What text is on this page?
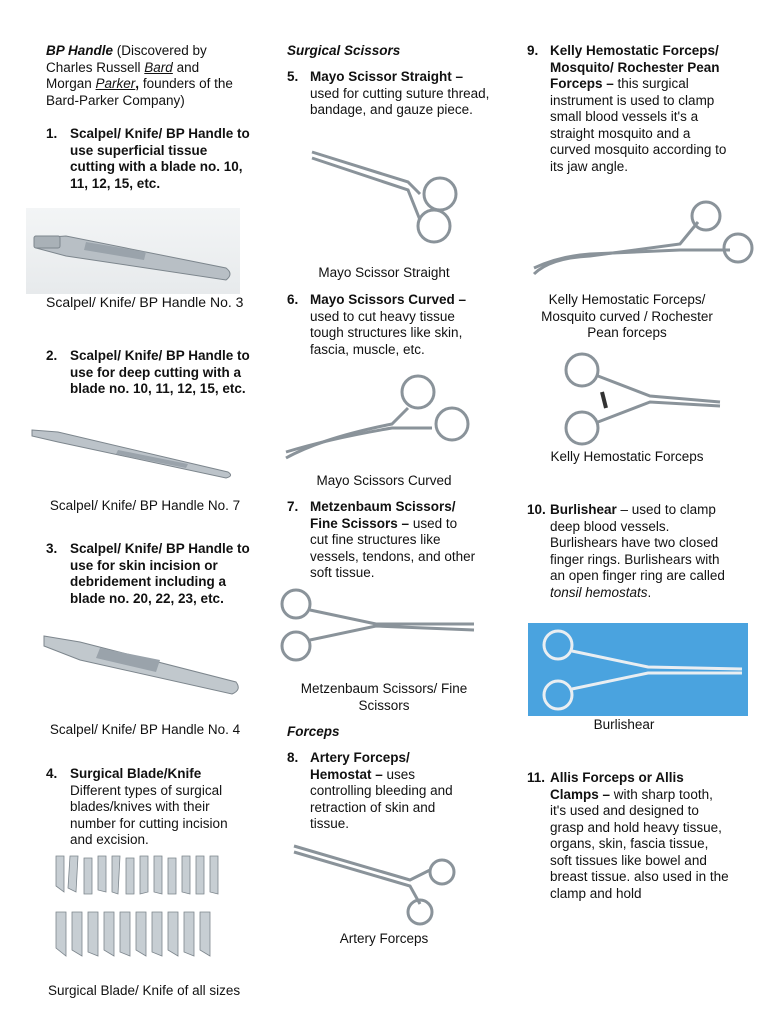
BP Handle (Discovered by Charles Russell Bard and Morgan Parker, founders of the Bard-Parker Company)
1. Scalpel/ Knife/ BP Handle to use superficial tissue cutting with a blade no. 10, 11, 12, 15, etc.
Scalpel/ Knife/ BP Handle No. 3
2. Scalpel/ Knife/ BP Handle to use for deep cutting with a blade no. 10, 11, 12, 15, etc.
Scalpel/ Knife/ BP Handle No. 7
3. Scalpel/ Knife/ BP Handle to use for skin incision or debridement including a blade no. 20, 22, 23, etc.
Scalpel/ Knife/ BP Handle No. 4
4. Surgical Blade/Knife
Different types of surgical blades/knives with their number for cutting incision and excision.
Surgical Blade/ Knife of all sizes
Surgical Scissors
5. Mayo Scissor Straight –
used for cutting suture thread, bandage, and gauze piece.
Mayo Scissor Straight
6. Mayo Scissors Curved –
used to cut heavy tissue tough structures like skin, fascia, muscle, etc.
Mayo Scissors Curved
7. Metzenbaum Scissors/ Fine Scissors – used to cut fine structures like vessels, tendons, and other soft tissue.
Metzenbaum Scissors/ Fine Scissors
Forceps
8. Artery Forceps/ Hemostat – uses controlling bleeding and retraction of skin and tissue.
Artery Forceps
9. Kelly Hemostatic Forceps/ Mosquito/ Rochester Pean Forceps – this surgical instrument is used to clamp small blood vessels it's a straight mosquito and a curved mosquito according to its jaw angle.
Kelly Hemostatic Forceps/ Mosquito curved / Rochester Pean forceps
Kelly Hemostatic Forceps
10. Burlishear – used to clamp deep blood vessels. Burlishears have two closed finger rings. Burlishears with an open finger ring are called tonsil hemostats.
Burlishear
11. Allis Forceps or Allis Clamps – with sharp tooth, it's used and designed to grasp and hold heavy tissue, organs, skin, fascia tissue, soft tissues like bowel and breast tissue. also used in the clamp and hold
